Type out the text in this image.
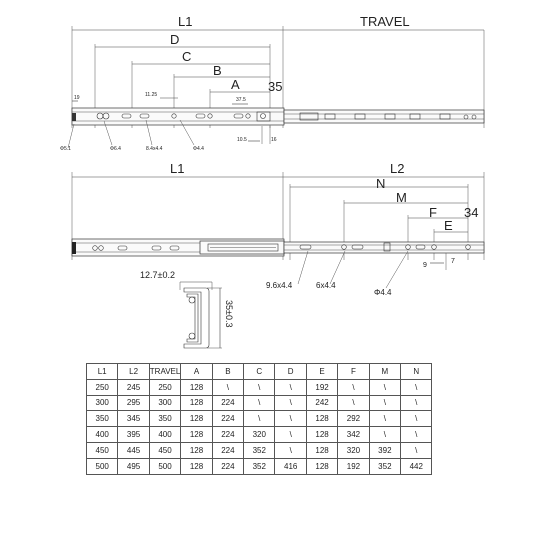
L1	TRAVEL
D
C
B
A 35
19	11.25
37.5
Φ5.1	Φ6.4	8.4x4.4	Φ4.4
10.5	16
L1	L2
N
M
F 34
E
9
7
9.6x4.4	6x4.4
Φ4.4
12.7±0.2
35±0.3
L1	L2	TRAVEL	A	B	C	D	E	F	M	N
250	245	250	128	\	\	\	192	\	\	\
300	295	300	128	224	\	\	242	\	\	\
350	345	350	128	224	\	\	128	292	\	\
400	395	400	128	224	320	\	128	342	\	\
450	445	450	128	224	352	\	128	320	392	\
500	495	500	128	224	352	416	128	192	352	442
